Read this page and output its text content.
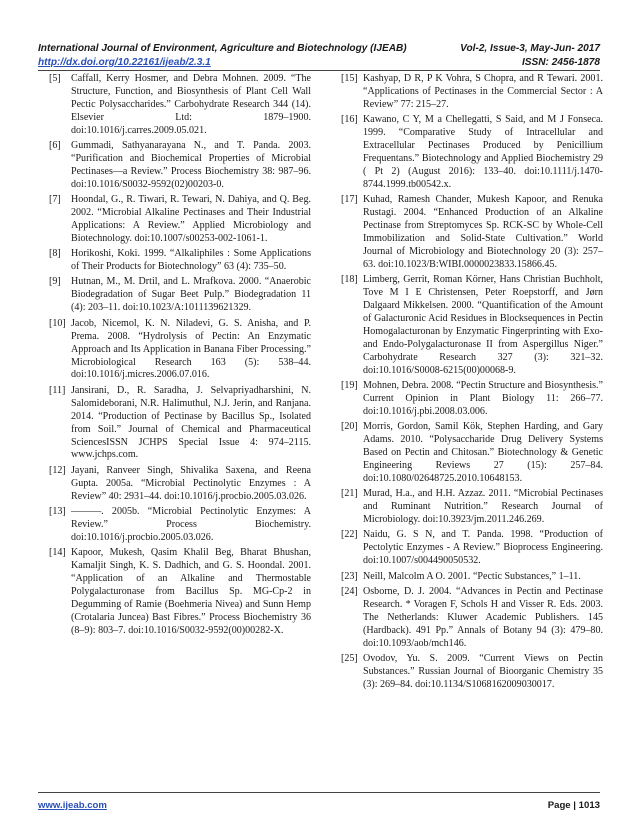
International Journal of Environment, Agriculture and Biotechnology (IJEAB)	Vol-2, Issue-3, May-Jun- 2017
http://dx.doi.org/10.22161/ijeab/2.3.1	ISSN: 2456-1878
[5]	Caffall, Kerry Hosmer, and Debra Mohnen. 2009. “The Structure, Function, and Biosynthesis of Plant Cell Wall Pectic Polysaccharides.” Carbohydrate Research 344 (14). Elsevier Ltd: 1879–1900. doi:10.1016/j.carres.2009.05.021.
[6]	Gummadi, Sathyanarayana N., and T. Panda. 2003. “Purification and Biochemical Properties of Microbial Pectinases—a Review.” Process Biochemistry 38: 987–96. doi:10.1016/S0032-9592(02)00203-0.
[7]	Hoondal, G., R. Tiwari, R. Tewari, N. Dahiya, and Q. Beg. 2002. “Microbial Alkaline Pectinases and Their Industrial Applications: A Review.” Applied Microbiology and Biotechnology. doi:10.1007/s00253-002-1061-1.
[8]	Horikoshi, Koki. 1999. “Alkaliphiles : Some Applications of Their Products for Biotechnology” 63 (4): 735–50.
[9]	Hutnan, M., M. Drtil, and L. Mrafkova. 2000. “Anaerobic Biodegradation of Sugar Beet Pulp.” Biodegradation 11 (4): 203–11. doi:10.1023/A:1011139621329.
[10] Jacob, Nicemol, K. N. Niladevi, G. S. Anisha, and P. Prema. 2008. “Hydrolysis of Pectin: An Enzymatic Approach and Its Application in Banana Fiber Processing.” Microbiological Research 163 (5): 538–44. doi:10.1016/j.micres.2006.07.016.
[11] Jansirani, D., R. Saradha, J. Selvapriyadharshini, N. Salomideborani, N.R. Halimuthul, N.J. Jerin, and Ranjana. 2014. “Production of Pectinase by Bacillus Sp., Isolated from Soil.” Journal of Chemical and Pharmaceutical SciencesISSN JCHPS Special Issue 4: 974–2115. www.jchps.com.
[12] Jayani, Ranveer Singh, Shivalika Saxena, and Reena Gupta. 2005a. “Microbial Pectinolytic Enzymes : A Review” 40: 2931–44. doi:10.1016/j.procbio.2005.03.026.
[13] ———. 2005b. “Microbial Pectinolytic Enzymes: A Review.” Process Biochemistry. doi:10.1016/j.procbio.2005.03.026.
[14] Kapoor, Mukesh, Qasim Khalil Beg, Bharat Bhushan, Kamaljit Singh, K. S. Dadhich, and G. S. Hoondal. 2001. “Application of an Alkaline and Thermostable Polygalacturonase from Bacillus Sp. MG-Cp-2 in Degumming of Ramie (Boehmeria Nivea) and Sunn Hemp (Crotalaria Juncea) Bast Fibres.” Process Biochemistry 36 (8–9): 803–7. doi:10.1016/S0032-9592(00)00282-X.
[15] Kashyap, D R, P K Vohra, S Chopra, and R Tewari. 2001. “Applications of Pectinases in the Commercial Sector : A Review” 77: 215–27.
[16] Kawano, C Y, M a Chellegatti, S Said, and M J Fonseca. 1999. “Comparative Study of Intracellular and Extracellular Pectinases Produced by Penicillium Frequentans.” Biotechnology and Applied Biochemistry 29 ( Pt 2) (August 2016): 133–40. doi:10.1111/j.1470-8744.1999.tb00542.x.
[17] Kuhad, Ramesh Chander, Mukesh Kapoor, and Renuka Rustagi. 2004. “Enhanced Production of an Alkaline Pectinase from Streptomyces Sp. RCK-SC by Whole-Cell Immobilization and Solid-State Cultivation.” World Journal of Microbiology and Biotechnology 20 (3): 257–63. doi:10.1023/B:WIBI.0000023833.15866.45.
[18] Limberg, Gerrit, Roman Körner, Hans Christian Buchholt, Tove M I E Christensen, Peter Roepstorff, and Jørn Dalgaard Mikkelsen. 2000. “Quantification of the Amount of Galacturonic Acid Residues in Blocksequences in Pectin Homogalacturonan by Enzymatic Fingerprinting with Exo- and Endo-Polygalacturonase II from Aspergillus Niger.” Carbohydrate Research 327 (3): 321–32. doi:10.1016/S0008-6215(00)00068-9.
[19] Mohnen, Debra. 2008. “Pectin Structure and Biosynthesis.” Current Opinion in Plant Biology 11: 266–77. doi:10.1016/j.pbi.2008.03.006.
[20] Morris, Gordon, Samil Kök, Stephen Harding, and Gary Adams. 2010. “Polysaccharide Drug Delivery Systems Based on Pectin and Chitosan.” Biotechnology & Genetic Engineering Reviews 27 (15): 257–84. doi:10.1080/02648725.2010.10648153.
[21] Murad, H.a., and H.H. Azzaz. 2011. “Microbial Pectinases and Ruminant Nutrition.” Research Journal of Microbiology. doi:10.3923/jm.2011.246.269.
[22] Naidu, G. S N, and T. Panda. 1998. “Production of Pectolytic Enzymes - A Review.” Bioprocess Engineering. doi:10.1007/s004490050532.
[23] Neill, Malcolm A O. 2001. “Pectic Substances,” 1–11.
[24] Osborne, D. J. 2004. “Advances in Pectin and Pectinase Research. * Voragen F, Schols H and Visser R. Eds. 2003. The Netherlands: Kluwer Academic Publishers. 145 (Hardback). 491 Pp.” Annals of Botany 94 (3): 479–80. doi:10.1093/aob/mch146.
[25] Ovodov, Yu. S. 2009. “Current Views on Pectin Substances.” Russian Journal of Bioorganic Chemistry 35 (3): 269–84. doi:10.1134/S1068162009030017.
www.ijeab.com	Page | 1013
